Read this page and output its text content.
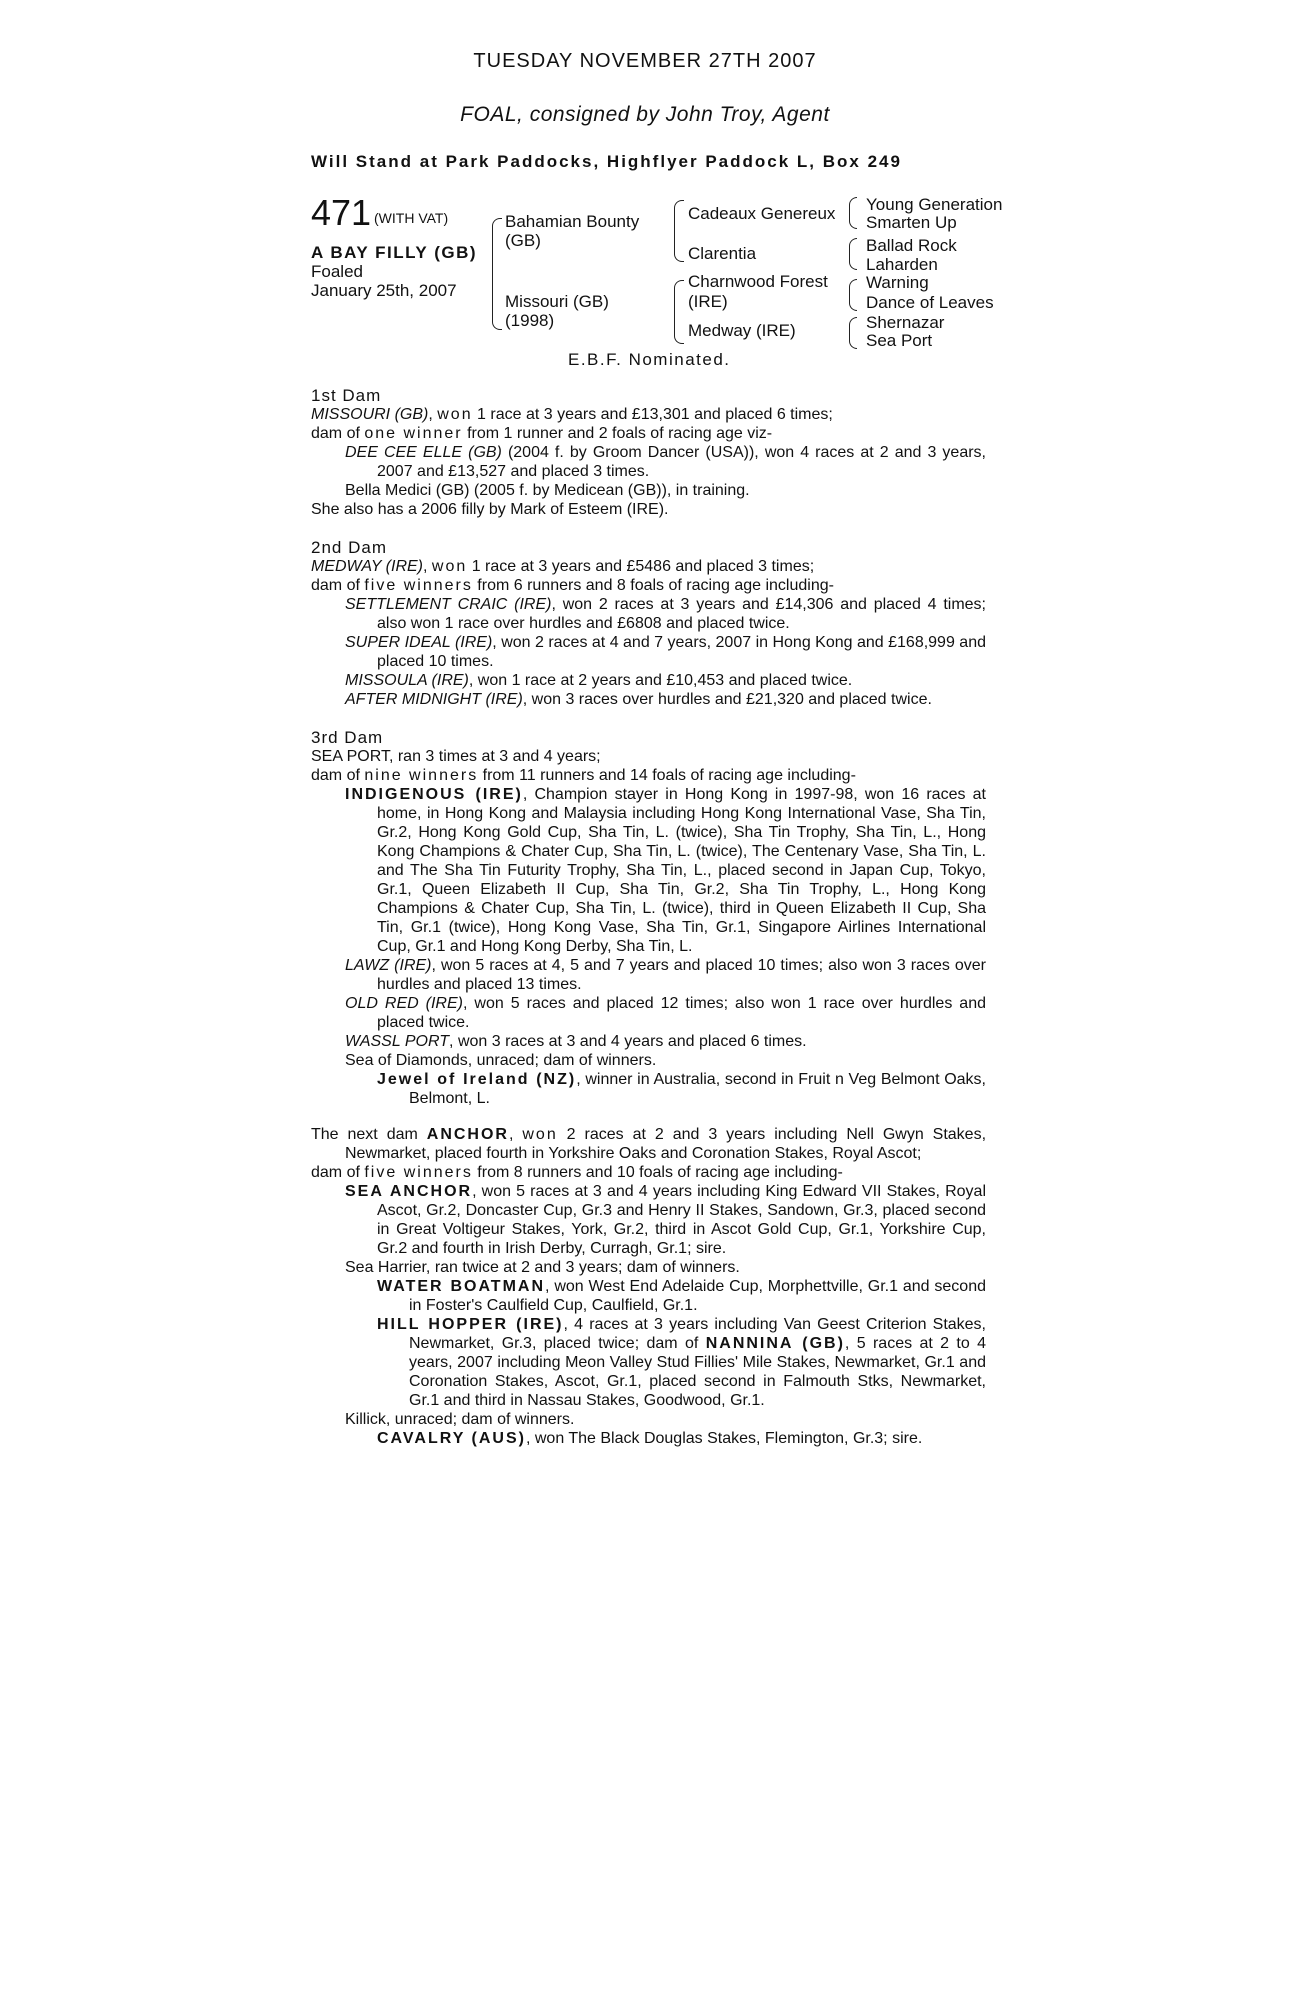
TUESDAY NOVEMBER 27TH 2007
FOAL, consigned by John Troy, Agent
Will Stand at Park Paddocks, Highflyer Paddock L, Box 249
471 (WITH VAT)
A BAY FILLY (GB)
Foaled
January 25th, 2007
Bahamian Bounty
(GB)
Missouri (GB)
(1998)
Cadeaux Genereux
Clarentia
Charnwood Forest
(IRE)
Medway (IRE)
Young Generation
Smarten Up
Ballad Rock
Laharden
Warning
Dance of Leaves
Shernazar
Sea Port
E.B.F. Nominated.

1st Dam

MISSOURI (GB), won 1 race at 3 years and £13,301 and placed 6 times;

dam of one winner from 1 runner and 2 foals of racing age viz-

DEE CEE ELLE (GB) (2004 f. by Groom Dancer (USA)), won 4 races at 2 and 3 years, 2007 and £13,527 and placed 3 times.

Bella Medici (GB) (2005 f. by Medicean (GB)), in training.

She also has a 2006 filly by Mark of Esteem (IRE).

2nd Dam

MEDWAY (IRE), won 1 race at 3 years and £5486 and placed 3 times;

dam of five winners from 6 runners and 8 foals of racing age including-

SETTLEMENT CRAIC (IRE), won 2 races at 3 years and £14,306 and placed 4 times; also won 1 race over hurdles and £6808 and placed twice.

SUPER IDEAL (IRE), won 2 races at 4 and 7 years, 2007 in Hong Kong and £168,999 and placed 10 times.

MISSOULA (IRE), won 1 race at 2 years and £10,453 and placed twice.

AFTER MIDNIGHT (IRE), won 3 races over hurdles and £21,320 and placed twice.

3rd Dam

SEA PORT, ran 3 times at 3 and 4 years;

dam of nine winners from 11 runners and 14 foals of racing age including-

INDIGENOUS (IRE), Champion stayer in Hong Kong in 1997-98, won 16 races at home, in Hong Kong and Malaysia including Hong Kong International Vase, Sha Tin, Gr.2, Hong Kong Gold Cup, Sha Tin, L. (twice), Sha Tin Trophy, Sha Tin, L., Hong Kong Champions & Chater Cup, Sha Tin, L. (twice), The Centenary Vase, Sha Tin, L. and The Sha Tin Futurity Trophy, Sha Tin, L., placed second in Japan Cup, Tokyo, Gr.1, Queen Elizabeth II Cup, Sha Tin, Gr.2, Sha Tin Trophy, L., Hong Kong Champions & Chater Cup, Sha Tin, L. (twice), third in Queen Elizabeth II Cup, Sha Tin, Gr.1 (twice), Hong Kong Vase, Sha Tin, Gr.1, Singapore Airlines International Cup, Gr.1 and Hong Kong Derby, Sha Tin, L.

LAWZ (IRE), won 5 races at 4, 5 and 7 years and placed 10 times; also won 3 races over hurdles and placed 13 times.

OLD RED (IRE), won 5 races and placed 12 times; also won 1 race over hurdles and placed twice.

WASSL PORT, won 3 races at 3 and 4 years and placed 6 times.

Sea of Diamonds, unraced; dam of winners.

Jewel of Ireland (NZ), winner in Australia, second in Fruit n Veg Belmont Oaks, Belmont, L.

The next dam ANCHOR, won 2 races at 2 and 3 years including Nell Gwyn Stakes, Newmarket, placed fourth in Yorkshire Oaks and Coronation Stakes, Royal Ascot;

dam of five winners from 8 runners and 10 foals of racing age including-

SEA ANCHOR, won 5 races at 3 and 4 years including King Edward VII Stakes, Royal Ascot, Gr.2, Doncaster Cup, Gr.3 and Henry II Stakes, Sandown, Gr.3, placed second in Great Voltigeur Stakes, York, Gr.2, third in Ascot Gold Cup, Gr.1, Yorkshire Cup, Gr.2 and fourth in Irish Derby, Curragh, Gr.1; sire.

Sea Harrier, ran twice at 2 and 3 years; dam of winners.

WATER BOATMAN, won West End Adelaide Cup, Morphettville, Gr.1 and second in Foster's Caulfield Cup, Caulfield, Gr.1.

HILL HOPPER (IRE), 4 races at 3 years including Van Geest Criterion Stakes, Newmarket, Gr.3, placed twice; dam of NANNINA (GB), 5 races at 2 to 4 years, 2007 including Meon Valley Stud Fillies' Mile Stakes, Newmarket, Gr.1 and Coronation Stakes, Ascot, Gr.1, placed second in Falmouth Stks, Newmarket, Gr.1 and third in Nassau Stakes, Goodwood, Gr.1.

Killick, unraced; dam of winners.

CAVALRY (AUS), won The Black Douglas Stakes, Flemington, Gr.3; sire.
